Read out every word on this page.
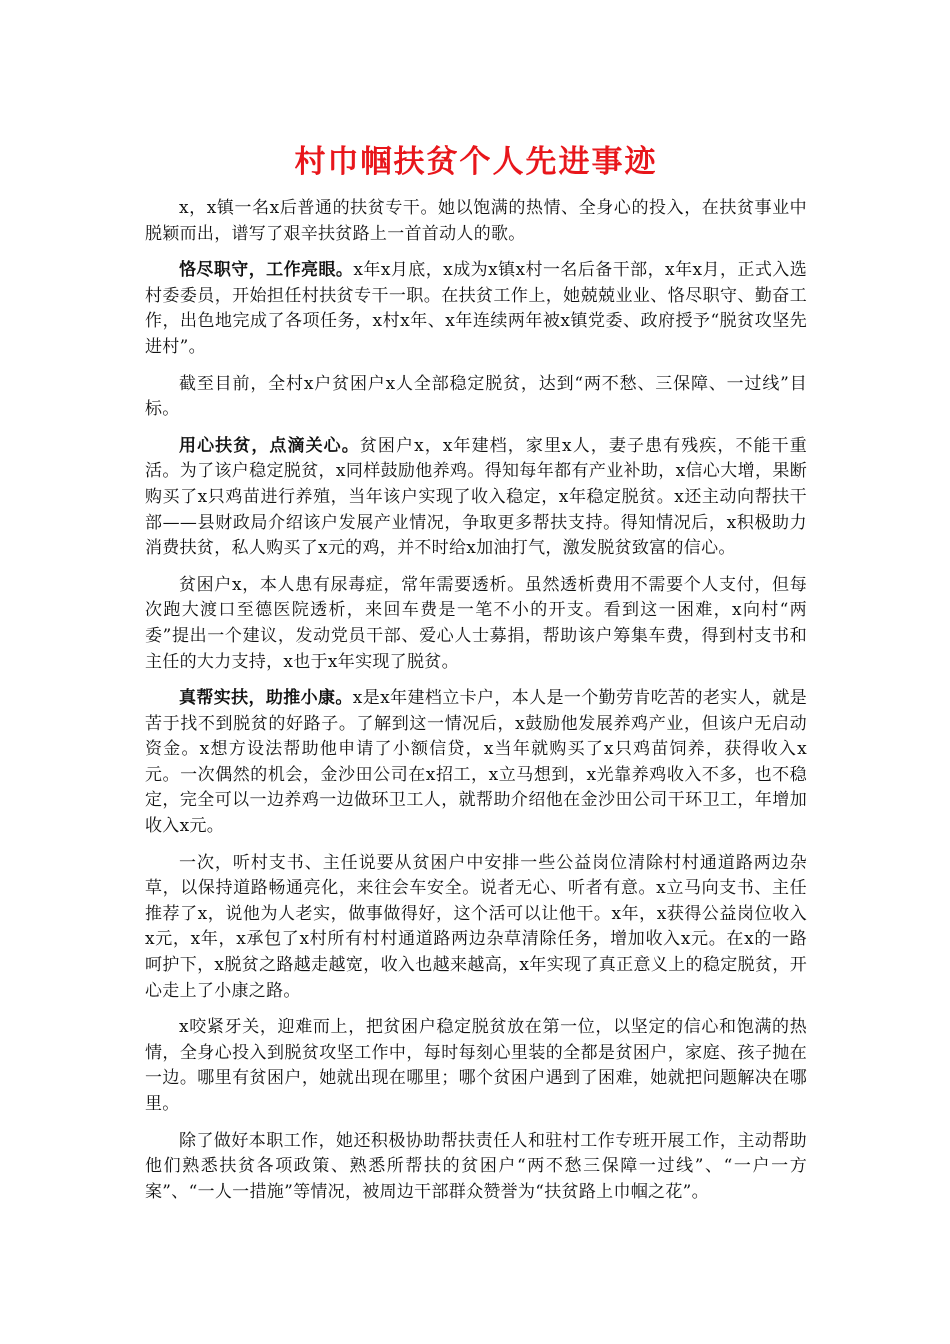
村巾帼扶贫个人先进事迹

x，x镇一名x后普通的扶贫专干。她以饱满的热情、全身心的投入，在扶贫事业中脱颖而出，谱写了艰辛扶贫路上一首首动人的歌。

恪尽职守，工作亮眼。x年x月底，x成为x镇x村一名后备干部，x年x月，正式入选村委委员，开始担任村扶贫专干一职。在扶贫工作上，她兢兢业业、恪尽职守、勤奋工作，出色地完成了各项任务，x村x年、x年连续两年被x镇党委、政府授予“脱贫攻坚先进村”。

截至目前，全村x户贫困户x人全部稳定脱贫，达到“两不愁、三保障、一过线”目标。

用心扶贫，点滴关心。贫困户x，x年建档，家里x人，妻子患有残疾，不能干重活。为了该户稳定脱贫，x同样鼓励他养鸡。得知每年都有产业补助，x信心大增，果断购买了x只鸡苗进行养殖，当年该户实现了收入稳定，x年稳定脱贫。x还主动向帮扶干部——县财政局介绍该户发展产业情况，争取更多帮扶支持。得知情况后，x积极助力消费扶贫，私人购买了x元的鸡，并不时给x加油打气，激发脱贫致富的信心。

贫困户x，本人患有尿毒症，常年需要透析。虽然透析费用不需要个人支付，但每次跑大渡口至德医院透析，来回车费是一笔不小的开支。看到这一困难，x向村“两委”提出一个建议，发动党员干部、爱心人士募捐，帮助该户筹集车费，得到村支书和主任的大力支持，x也于x年实现了脱贫。

真帮实扶，助推小康。x是x年建档立卡户，本人是一个勤劳肯吃苦的老实人，就是苦于找不到脱贫的好路子。了解到这一情况后，x鼓励他发展养鸡产业，但该户无启动资金。x想方设法帮助他申请了小额信贷，x当年就购买了x只鸡苗饲养，获得收入x元。一次偶然的机会，金沙田公司在x招工，x立马想到，x光靠养鸡收入不多，也不稳定，完全可以一边养鸡一边做环卫工人，就帮助介绍他在金沙田公司干环卫工，年增加收入x元。

一次，听村支书、主任说要从贫困户中安排一些公益岗位清除村村通道路两边杂草，以保持道路畅通亮化，来往会车安全。说者无心、听者有意。x立马向支书、主任推荐了x，说他为人老实，做事做得好，这个活可以让他干。x年，x获得公益岗位收入x元，x年，x承包了x村所有村村通道路两边杂草清除任务，增加收入x元。在x的一路呵护下，x脱贫之路越走越宽，收入也越来越高，x年实现了真正意义上的稳定脱贫，开心走上了小康之路。

x咬紧牙关，迎难而上，把贫困户稳定脱贫放在第一位，以坚定的信心和饱满的热情，全身心投入到脱贫攻坚工作中，每时每刻心里装的全都是贫困户，家庭、孩子抛在一边。哪里有贫困户，她就出现在哪里；哪个贫困户遇到了困难，她就把问题解决在哪里。

除了做好本职工作，她还积极协助帮扶责任人和驻村工作专班开展工作，主动帮助他们熟悉扶贫各项政策、熟悉所帮扶的贫困户“两不愁三保障一过线”、“一户一方案”、“一人一措施”等情况，被周边干部群众赞誉为“扶贫路上巾帼之花”。
